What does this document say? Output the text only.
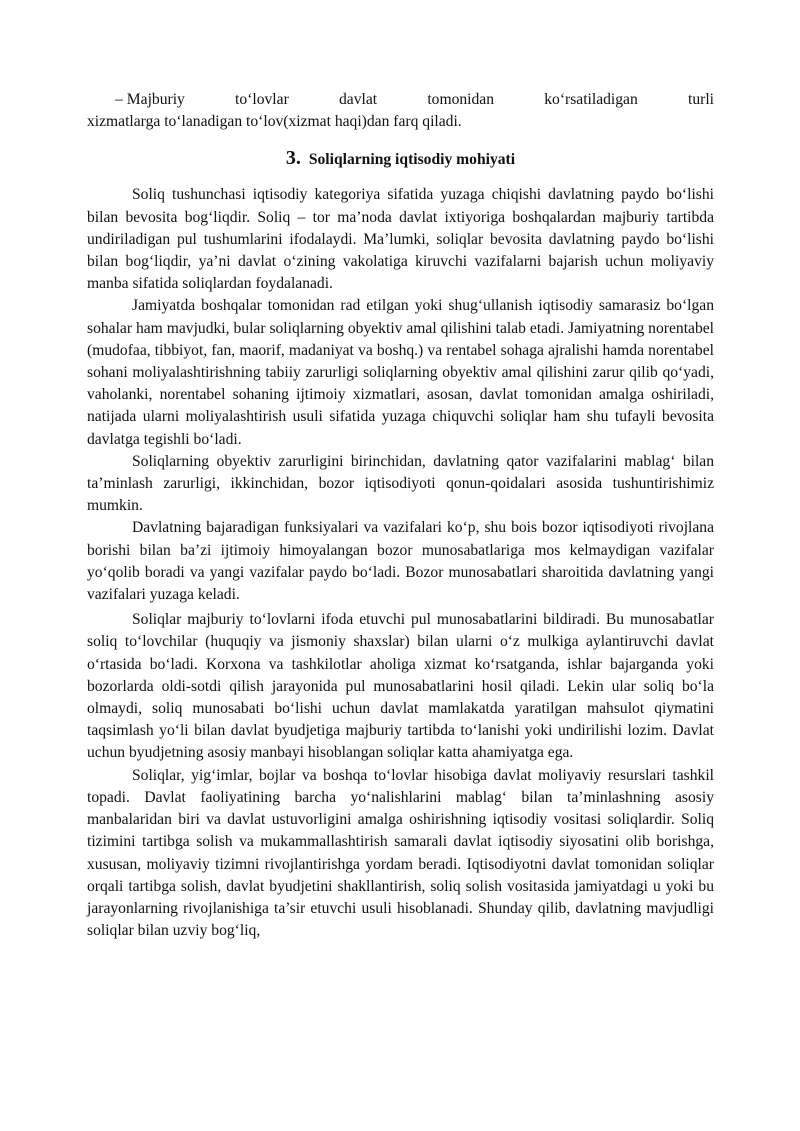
– Majburiy to‘lovlar davlat tomonidan ko‘rsatiladigan turli

xizmatlarga to‘lanadigan to‘lov(xizmat haqi)dan farq qiladi.

3. Soliqlarning iqtisodiy mohiyati

Soliq tushunchasi iqtisodiy kategoriya sifatida yuzaga chiqishi davlatning paydo bo‘lishi bilan bevosita bog‘liqdir. Soliq – tor ma’noda davlat ixtiyoriga boshqalardan majburiy tartibda undiriladigan pul tushumlarini ifodalaydi. Ma’lumki, soliqlar bevosita davlatning paydo bo‘lishi bilan bog‘liqdir, ya’ni davlat o‘zining vakolatiga kiruvchi vazifalarni bajarish uchun moliyaviy manba sifatida soliqlardan foydalanadi.

Jamiyatda boshqalar tomonidan rad etilgan yoki shug‘ullanish iqtisodiy samarasiz bo‘lgan sohalar ham mavjudki, bular soliqlarning obyektiv amal qilishini talab etadi. Jamiyatning norentabel (mudofaa, tibbiyot, fan, maorif, madaniyat va boshq.) va rentabel sohaga ajralishi hamda norentabel sohani moliyalashtirishning tabiiy zarurligi soliqlarning obyektiv amal qilishini zarur qilib qo‘yadi, vaholanki, norentabel sohaning ijtimoiy xizmatlari, asosan, davlat tomonidan amalga oshiriladi, natijada ularni moliyalashtirish usuli sifatida yuzaga chiquvchi soliqlar ham shu tufayli bevosita davlatga tegishli bo‘ladi.

Soliqlarning obyektiv zarurligini birinchidan, davlatning qator vazifalarini mablag‘ bilan ta’minlash zarurligi, ikkinchidan, bozor iqtisodiyoti qonun-qoidalari asosida tushuntirishimiz mumkin.

Davlatning bajaradigan funksiyalari va vazifalari ko‘p, shu bois bozor iqtisodiyoti rivojlana borishi bilan ba’zi ijtimoiy himoyalangan bozor munosabatlariga mos kelmaydigan vazifalar yo‘qolib boradi va yangi vazifalar paydo bo‘ladi. Bozor munosabatlari sharoitida davlatning yangi vazifalari yuzaga keladi.

Soliqlar majburiy to‘lovlarni ifoda etuvchi pul munosabatlarini bildiradi. Bu munosabatlar soliq to‘lovchilar (huquqiy va jismoniy shaxslar) bilan ularni o‘z mulkiga aylantiruvchi davlat o‘rtasida bo‘ladi. Korxona va tashkilotlar aholiga xizmat ko‘rsatganda, ishlar bajarganda yoki bozorlarda oldi-sotdi qilish jarayonida pul munosabatlarini hosil qiladi. Lekin ular soliq bo‘la olmaydi, soliq munosabati bo‘lishi uchun davlat mamlakatda yaratilgan mahsulot qiymatini taqsimlash yo‘li bilan davlat byudjetiga majburiy tartibda to‘lanishi yoki undirilishi lozim. Davlat uchun byudjetning asosiy manbayi hisoblangan soliqlar katta ahamiyatga ega.

Soliqlar, yig‘imlar, bojlar va boshqa to‘lovlar hisobiga davlat moliyaviy resurslari tashkil topadi. Davlat faoliyatining barcha yo‘nalishlarini mablag‘ bilan ta’minlashning asosiy manbalaridan biri va davlat ustuvorligini amalga oshirishning iqtisodiy vositasi soliqlardir. Soliq tizimini tartibga solish va mukammallashtirish samarali davlat iqtisodiy siyosatini olib borishga, xususan, moliyaviy tizimni rivojlantirishga yordam beradi. Iqtisodiyotni davlat tomonidan soliqlar orqali tartibga solish, davlat byudjetini shakllantirish, soliq solish vositasida jamiyatdagi u yoki bu jarayonlarning rivojlanishiga ta’sir etuvchi usuli hisoblanadi. Shunday qilib, davlatning mavjudligi soliqlar bilan uzviy bog‘liq,
